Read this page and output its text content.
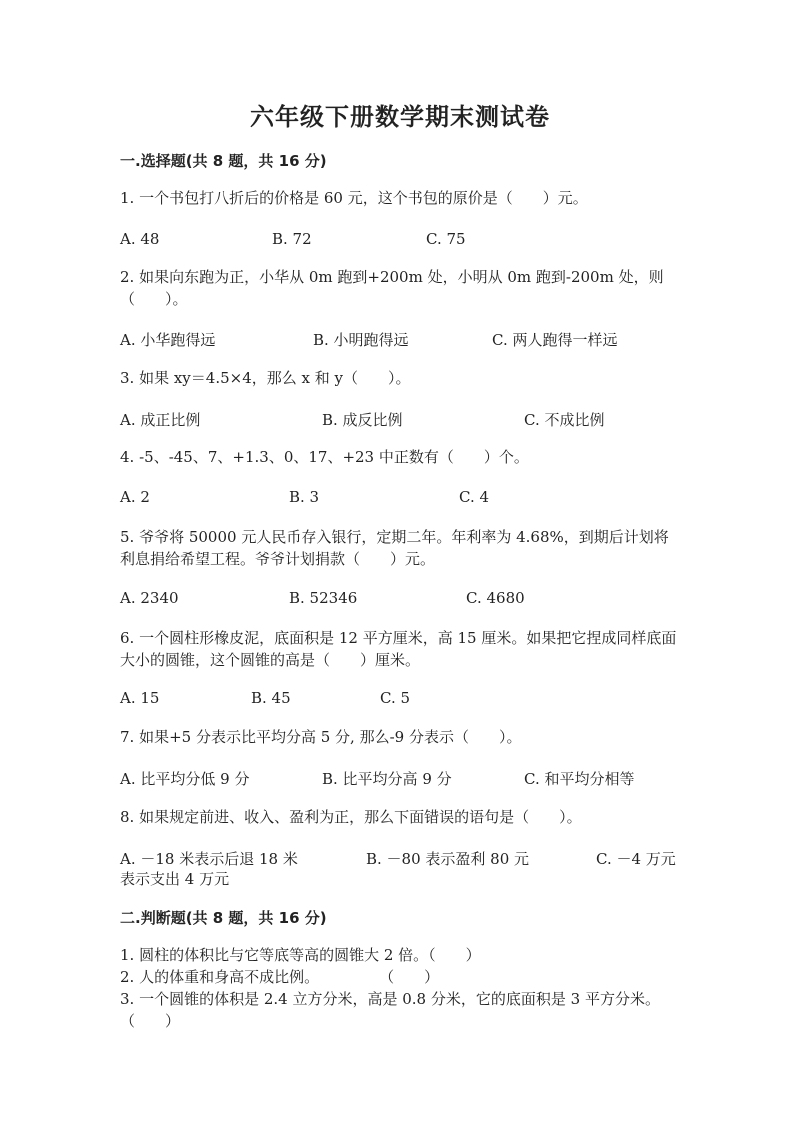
六年级下册数学期末测试卷
一.选择题(共 8 题，共 16 分)
1. 一个书包打八折后的价格是 60 元，这个书包的原价是（　　）元。
A. 48	B. 72	C. 75
2. 如果向东跑为正，小华从 0m 跑到+200m 处，小明从 0m 跑到-200m 处，则（　　）。
A. 小华跑得远	B. 小明跑得远	C. 两人跑得一样远
3. 如果 xy＝4.5×4，那么 x 和 y（　　）。
A. 成正比例	B. 成反比例	C. 不成比例
4. -5、-45、7、+1.3、0、17、+23 中正数有（　　）个。
A. 2	B. 3	C. 4
5. 爷爷将 50000 元人民币存入银行，定期二年。年利率为 4.68%，到期后计划将利息捐给希望工程。爷爷计划捐款（　　）元。
A. 2340	B. 52346	C. 4680
6. 一个圆柱形橡皮泥，底面积是 12 平方厘米，高 15 厘米。如果把它捏成同样底面大小的圆锥，这个圆锥的高是（　　）厘米。
A. 15	B. 45	C. 5
7. 如果+5 分表示比平均分高 5 分, 那么-9 分表示（　　）。
A. 比平均分低 9 分	B. 比平均分高 9 分	C. 和平均分相等
8. 如果规定前进、收入、盈利为正，那么下面错误的语句是（　　）。
A. －18 米表示后退 18 米	B. －80 表示盈利 80 元	C. －4 万元
表示支出 4 万元
二.判断题(共 8 题，共 16 分)
1. 圆柱的体积比与它等底等高的圆锥大 2 倍。（　　）
2. 人的体重和身高不成比例。　　　　　（　　）
3. 一个圆锥的体积是 2.4 立方分米，高是 0.8 分米，它的底面积是 3 平方分米。　　　（　　）
